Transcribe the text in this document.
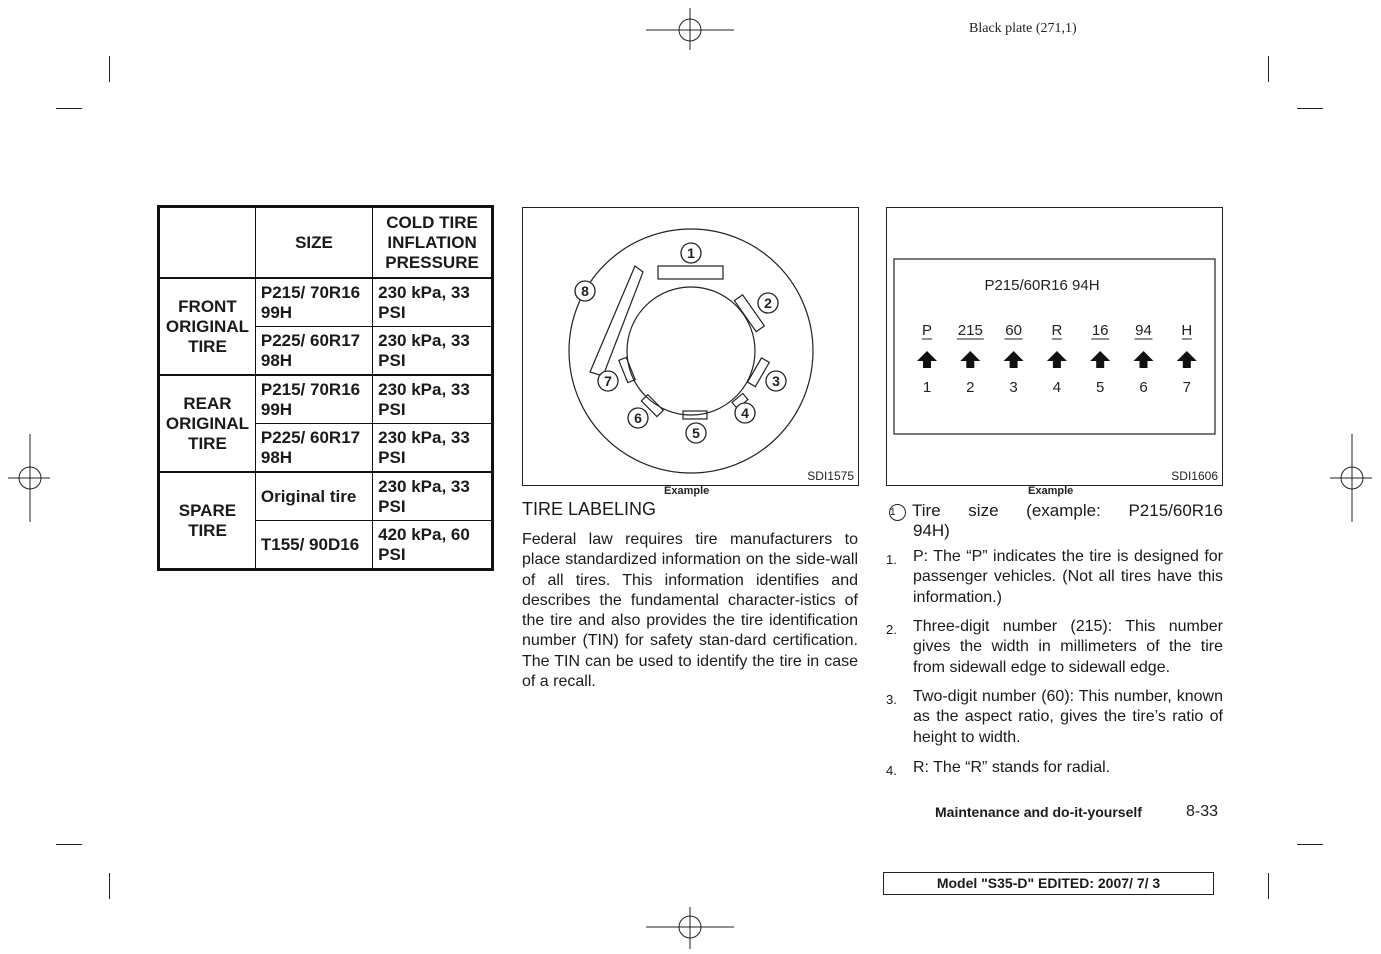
Black plate (271,1)
	SIZE	COLD TIRE INFLATION PRESSURE
FRONT ORIGINAL TIRE	P215/ 70R16 99H	230 kPa, 33 PSI
	P225/ 60R17 98H	230 kPa, 33 PSI
REAR ORIGINAL TIRE	P215/ 70R16 99H	230 kPa, 33 PSI
	P225/ 60R17 98H	230 kPa, 33 PSI
SPARE TIRE	Original tire	230 kPa, 33 PSI
	T155/ 90D16	420 kPa, 60 PSI
1
2
3
4
5
6
7
8
SDI1575
Example
P215/60R16 94H
P
1
215
2
60
3
R
4
16
5
94
6
H
7
SDI1606
Example
TIRE LABELING
Federal law requires tire manufacturers to place standardized information on the side-wall of all tires. This information identifies and describes the fundamental character-istics of the tire and also provides the tire identification number (TIN) for safety stan-dard certification. The TIN can be used to identify the tire in case of a recall.
1 Tire size (example: P215/60R16
94H)
1.	P: The “P” indicates the tire is designed for passenger vehicles. (Not all tires have this information.)
2.	Three-digit number (215): This number gives the width in millimeters of the tire from sidewall edge to sidewall edge.
3.	Two-digit number (60): This number, known as the aspect ratio, gives the tire’s ratio of height to width.
4.	R: The “R” stands for radial.
Maintenance and do-it-yourself	8-33
Model "S35-D" EDITED: 2007/ 7/ 3
